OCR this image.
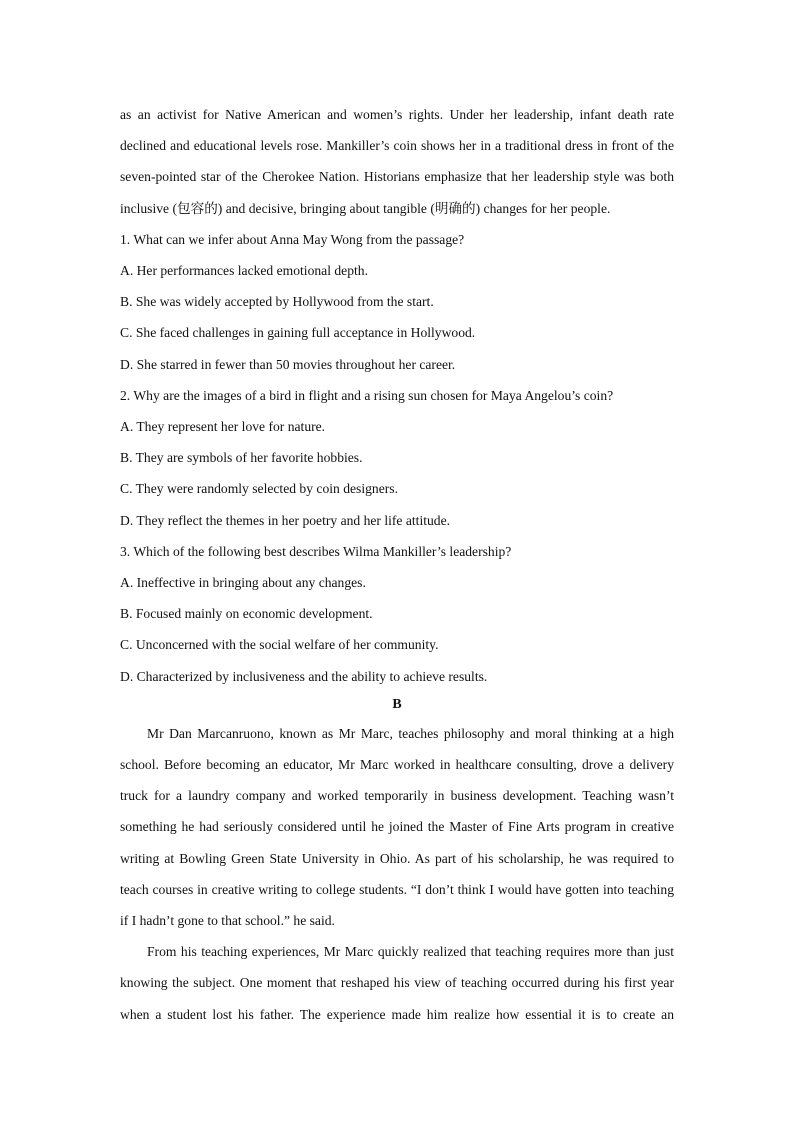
as an activist for Native American and women’s rights. Under her leadership, infant death rate
declined and educational levels rose. Mankiller’s coin shows her in a traditional dress in front of the
seven-pointed star of the Cherokee Nation. Historians emphasize that her leadership style was both
inclusive (包容的) and decisive, bringing about tangible (明确的) changes for her people.
1. What can we infer about Anna May Wong from the passage?
A. Her performances lacked emotional depth.
B. She was widely accepted by Hollywood from the start.
C. She faced challenges in gaining full acceptance in Hollywood.
D. She starred in fewer than 50 movies throughout her career.
2. Why are the images of a bird in flight and a rising sun chosen for Maya Angelou’s coin?
A. They represent her love for nature.
B. They are symbols of her favorite hobbies.
C. They were randomly selected by coin designers.
D. They reflect the themes in her poetry and her life attitude.
3. Which of the following best describes Wilma Mankiller’s leadership?
A. Ineffective in bringing about any changes.
B. Focused mainly on economic development.
C. Unconcerned with the social welfare of her community.
D. Characterized by inclusiveness and the ability to achieve results.
B
Mr Dan Marcanruono, known as Mr Marc, teaches philosophy and moral thinking at a high
school. Before becoming an educator, Mr Marc worked in healthcare consulting, drove a delivery
truck for a laundry company and worked temporarily in business development. Teaching wasn’t
something he had seriously considered until he joined the Master of Fine Arts program in creative
writing at Bowling Green State University in Ohio. As part of his scholarship, he was required to
teach courses in creative writing to college students. “I don’t think I would have gotten into teaching
if I hadn’t gone to that school.” he said.
From his teaching experiences, Mr Marc quickly realized that teaching requires more than just
knowing the subject. One moment that reshaped his view of teaching occurred during his first year
when a student lost his father. The experience made him realize how essential it is to create an
